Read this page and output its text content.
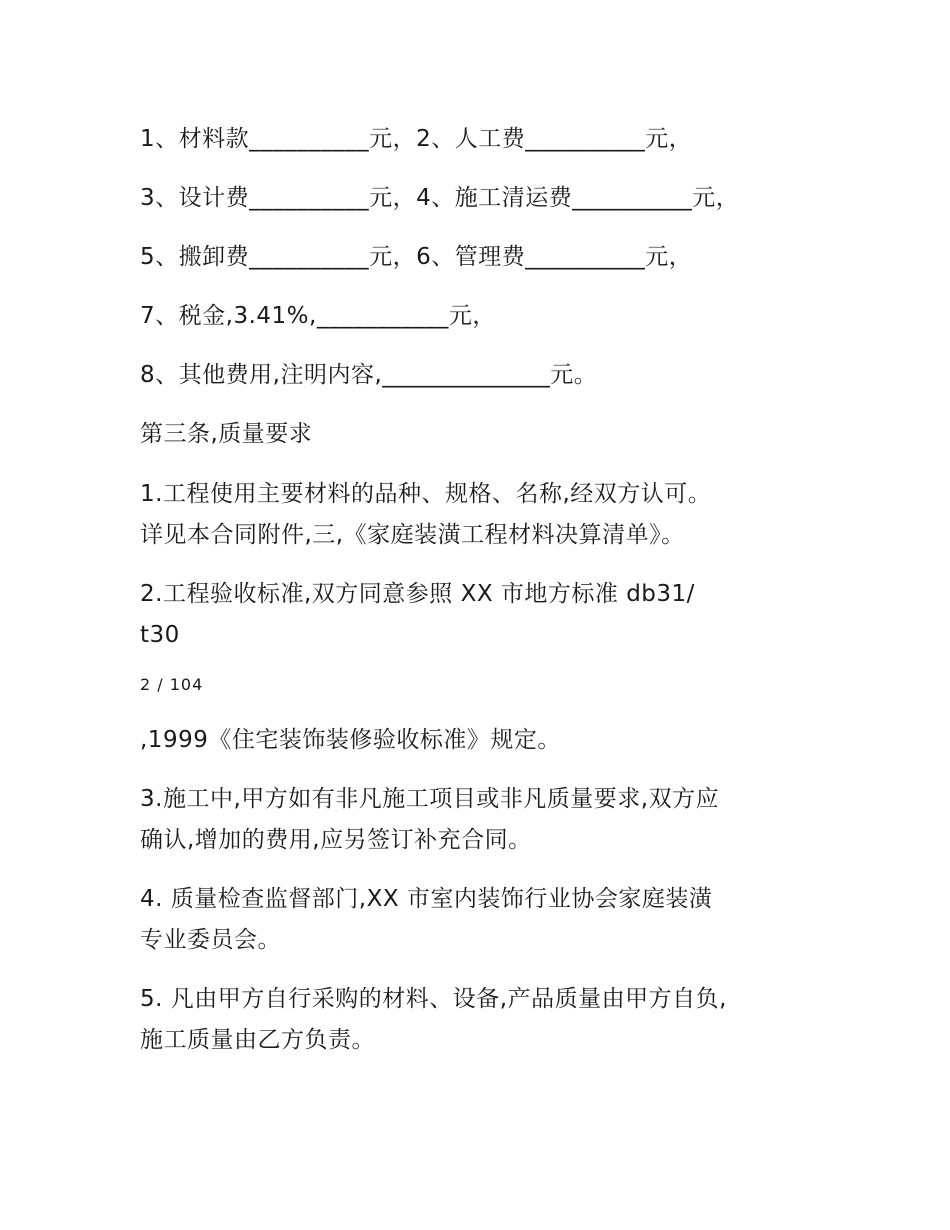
1、材料款__________元，2、人工费__________元，
3、设计费__________元，4、施工清运费__________元，
5、搬卸费__________元，6、管理费__________元，
7、税金,3.41%,___________元，
8、其他费用,注明内容,______________元。
第三条,质量要求
1.工程使用主要材料的品种、规格、名称,经双方认可。
详见本合同附件,三,《家庭装潢工程材料决算清单》。
2.工程验收标准,双方同意参照 XX 市地方标准 db31/
t30
2 / 104
,1999《住宅装饰装修验收标准》规定。
3.施工中,甲方如有非凡施工项目或非凡质量要求,双方应
确认,增加的费用,应另签订补充合同。
4. 质量检查监督部门,XX 市室内装饰行业协会家庭装潢
专业委员会。
5. 凡由甲方自行采购的材料、设备,产品质量由甲方自负,
施工质量由乙方负责。
